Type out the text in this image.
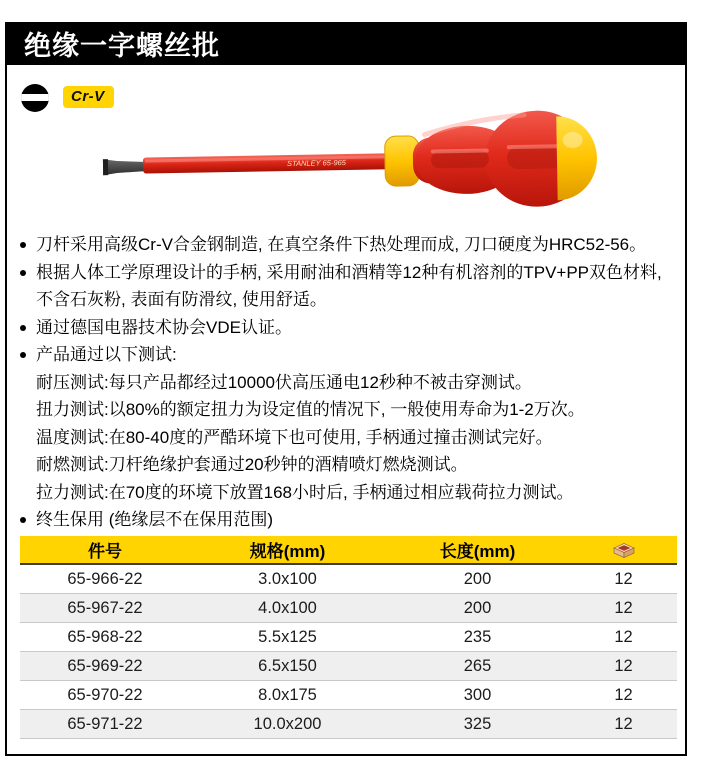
绝缘一字螺丝批
Cr-V
STANLEY 65-965
刀杆采用高级Cr-V合金钢制造, 在真空条件下热处理而成, 刀口硬度为HRC52-56。
根据人体工学原理设计的手柄, 采用耐油和酒精等12种有机溶剂的TPV+PP双色材料, 不含石灰粉, 表面有防滑纹, 使用舒适。
通过德国电器技术协会VDE认证。
产品通过以下测试:
耐压测试:每只产品都经过10000伏高压通电12秒种不被击穿测试。
扭力测试:以80%的额定扭力为设定值的情况下, 一般使用寿命为1-2万次。
温度测试:在80-40度的严酷环境下也可使用, 手柄通过撞击测试完好。
耐燃测试:刀杆绝缘护套通过20秒钟的酒精喷灯燃烧测试。
拉力测试:在70度的环境下放置168小时后, 手柄通过相应载荷拉力测试。
终生保用 (绝缘层不在保用范围)
件号	规格(mm)	长度(mm)
65-966-22	3.0x100	200	12
65-967-22	4.0x100	200	12
65-968-22	5.5x125	235	12
65-969-22	6.5x150	265	12
65-970-22	8.0x175	300	12
65-971-22	10.0x200	325	12
